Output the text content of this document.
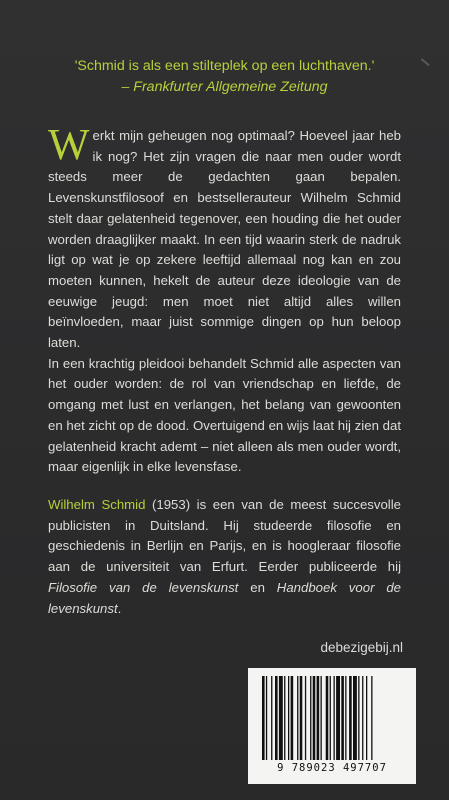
'Schmid is als een stilteplek op een luchthaven.'
– Frankfurter Allgemeine Zeitung

Werkt mijn geheugen nog optimaal? Hoeveel jaar heb ik nog? Het zijn vragen die naar men ouder wordt steeds meer de gedachten gaan bepalen. Levenskunstfilosoof en bestsellerauteur Wilhelm Schmid stelt daar gelatenheid tegenover, een houding die het ouder worden draaglijker maakt. In een tijd waarin sterk de nadruk ligt op wat je op zekere leeftijd allemaal nog kan en zou moeten kunnen, hekelt de auteur deze ideologie van de eeuwige jeugd: men moet niet altijd alles willen beïnvloeden, maar juist sommige dingen op hun beloop laten.

In een krachtig pleidooi behandelt Schmid alle aspecten van het ouder worden: de rol van vriendschap en liefde, de omgang met lust en verlangen, het belang van gewoonten en het zicht op de dood. Overtuigend en wijs laat hij zien dat gelatenheid kracht ademt – niet alleen als men ouder wordt, maar eigenlijk in elke levensfase.

Wilhelm Schmid (1953) is een van de meest succesvolle publicisten in Duitsland. Hij studeerde filosofie en geschiedenis in Berlijn en Parijs, en is hoogleraar filosofie aan de universiteit van Erfurt. Eerder publiceerde hij Filosofie van de levenskunst en Handboek voor de levenskunst.
debezigebij.nl
9 789023 497707
